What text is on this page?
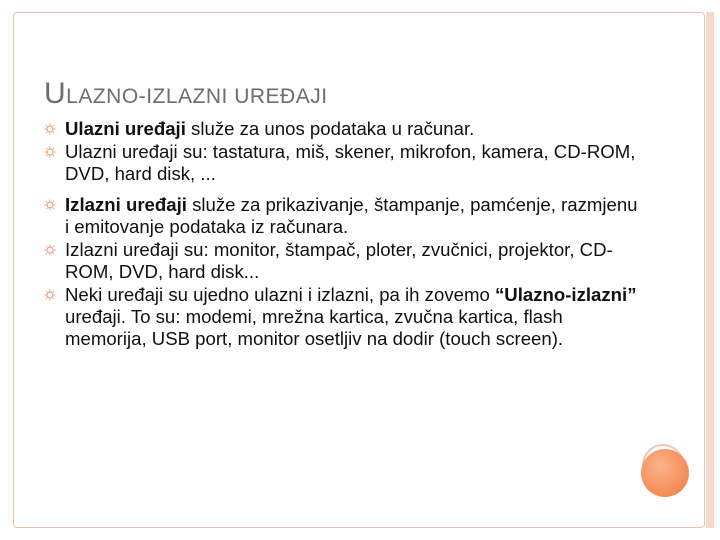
ULAZNO-IZLAZNI UREĐAJI
Ulazni uređaji služe za unos podataka u računar.
Ulazni uređaji su: tastatura, miš, skener, mikrofon, kamera, CD-ROM, DVD, hard disk, ...
Izlazni uređaji služe za prikazivanje, štampanje, pamćenje, razmjenu i emitovanje podataka iz računara.
Izlazni uređaji su: monitor, štampač, ploter, zvučnici, projektor, CD-ROM, DVD, hard disk...
Neki uređaji su ujedno ulazni i izlazni, pa ih zovemo “Ulazno-izlazni” uređaji. To su: modemi, mrežna kartica, zvučna kartica, flash memorija, USB port, monitor osetljiv na dodir (touch screen).
